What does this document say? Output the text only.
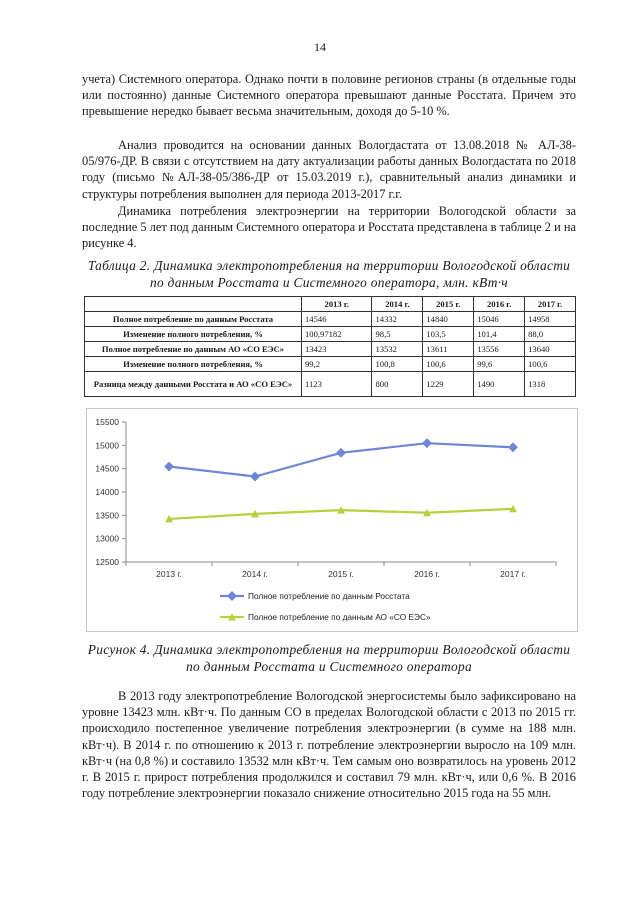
14

учета) Системного оператора. Однако почти в половине регионов страны (в отдельные годы или постоянно) данные Системного оператора превышают данные Росстата. Причем это превышение нередко бывает весьма значительным, доходя до 5-10 %.

Анализ проводится на основании данных Вологдастата от 13.08.2018 № АЛ-38-05/976-ДР. В связи с отсутствием на дату актуализации работы данных Вологдастата по 2018 году (письмо №АЛ-38-05/386-ДР от 15.03.2019 г.), сравнительный анализ динамики и структуры потребления выполнен для периода 2013-2017 г.г.

Динамика потребления электроэнергии на территории Вологодской области за последние 5 лет под данным Системного оператора и Росстата представлена в таблице 2 и на рисунке 4.

Таблица 2. Динамика электропотребления на территории Вологодской области по данным Росстата и Системного оператора, млн. кВт·ч
	2013 г.	2014 г.	2015 г.	2016 г.	2017 г.
Полное потребление по данным Росстата	14546	14332	14840	15046	14958
Изменение полного потребления, %	100,97182	98,5	103,5	101,4	88,0
Полное потребление по данным АО «СО ЕЭС»	13423	13532	13611	13556	13640
Изменение полного потребления, %	99,2	100,8	100,6	99,6	100,6
Разница между данными Росстата и АО «СО ЕЭС»	1123	800	1229	1490	1318
12500
13000
13500
14000
14500
15000
15500
2013 г.	2014 г.	2015 г.	2016 г.	2017 г.
Полное потребление по данным Росстата
Полное потребление по данным АО «СО ЕЭС»
Рисунок 4. Динамика электропотребления на территории Вологодской области по данным Росстата и Системного оператора

В 2013 году электропотребление Вологодской энергосистемы было зафиксировано на уровне 13423 млн. кВт·ч. По данным СО в пределах Вологодской области с 2013 по 2015 гг. происходило постепенное увеличение потребления электроэнергии (в сумме на 188 млн. кВт·ч). В 2014 г. по отношению к 2013 г. потребление электроэнергии выросло на 109 млн. кВт·ч (на 0,8 %) и составило 13532 млн кВт·ч. Тем самым оно возвратилось на уровень 2012 г. В 2015 г. прирост потребления продолжился и составил 79 млн. кВт·ч, или 0,6 %. В 2016 году потребление электроэнергии показало снижение относительно 2015 года на 55 млн.
